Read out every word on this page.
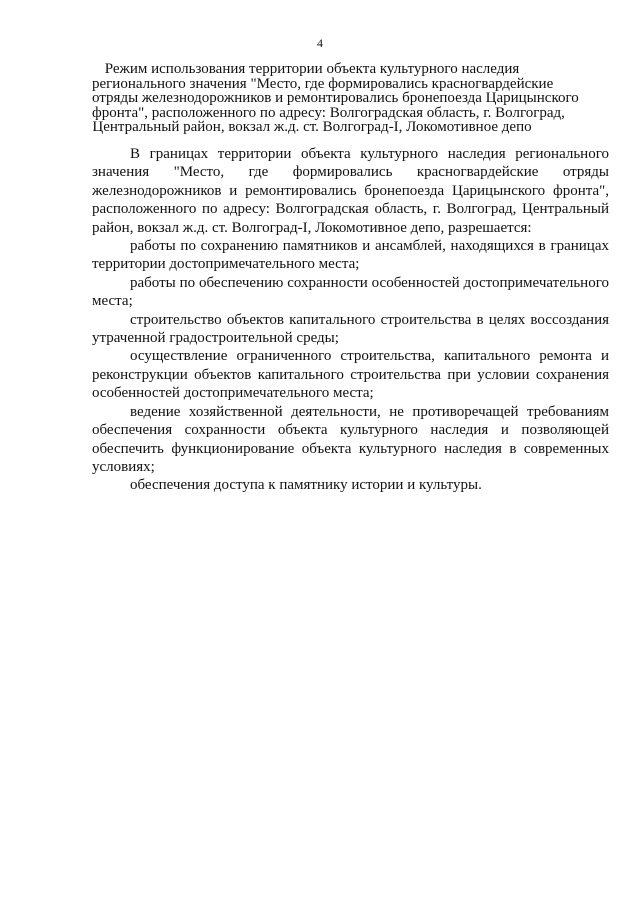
4
Режим использования территории объекта культурного наследия
регионального значения "Место, где формировались красногвардейские
отряды железнодорожников и ремонтировались бронепоезда Царицынского
фронта", расположенного по адресу: Волгоградская область, г. Волгоград,
Центральный район, вокзал ж.д. ст. Волгоград-I, Локомотивное депо

В границах территории объекта культурного наследия регионального значения "Место, где формировались красногвардейские отряды железнодорожников и ремонтировались бронепоезда Царицынского фронта", расположенного по адресу: Волгоградская область, г. Волгоград, Центральный район, вокзал ж.д. ст. Волгоград-I, Локомотивное депо, разрешается:

работы по сохранению памятников и ансамблей, находящихся в границах территории достопримечательного места;

работы по обеспечению сохранности особенностей достопримечательного места;

строительство объектов капитального строительства в целях воссоздания утраченной градостроительной среды;

осуществление ограниченного строительства, капитального ремонта и реконструкции объектов капитального строительства при условии сохранения особенностей достопримечательного места;

ведение хозяйственной деятельности, не противоречащей требованиям обеспечения сохранности объекта культурного наследия и позволяющей обеспечить функционирование объекта культурного наследия в современных условиях;

обеспечения доступа к памятнику истории и культуры.
